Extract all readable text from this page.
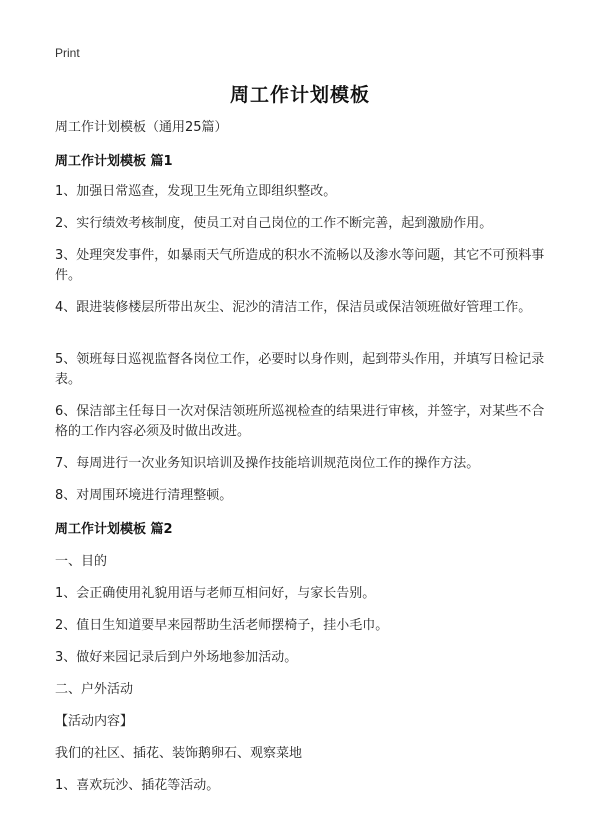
Print
周工作计划模板

周工作计划模板（通用25篇）

周工作计划模板 篇1

1、加强日常巡查，发现卫生死角立即组织整改。

2、实行绩效考核制度，使员工对自己岗位的工作不断完善，起到激励作用。

3、处理突发事件，如暴雨天气所造成的积水不流畅以及渗水等问题，其它不可预料事件。

4、跟进装修楼层所带出灰尘、泥沙的清洁工作，保洁员或保洁领班做好管理工作。

5、领班每日巡视监督各岗位工作，必要时以身作则，起到带头作用，并填写日检记录表。

6、保洁部主任每日一次对保洁领班所巡视检查的结果进行审核，并签字，对某些不合格的工作内容必须及时做出改进。

7、每周进行一次业务知识培训及操作技能培训规范岗位工作的操作方法。

8、对周围环境进行清理整顿。

周工作计划模板 篇2

一、目的

1、会正确使用礼貌用语与老师互相问好，与家长告别。

2、值日生知道要早来园帮助生活老师摆椅子，挂小毛巾。

3、做好来园记录后到户外场地参加活动。

二、户外活动

【活动内容】

我们的社区、插花、装饰鹅卵石、观察菜地

1、喜欢玩沙、插花等活动。
